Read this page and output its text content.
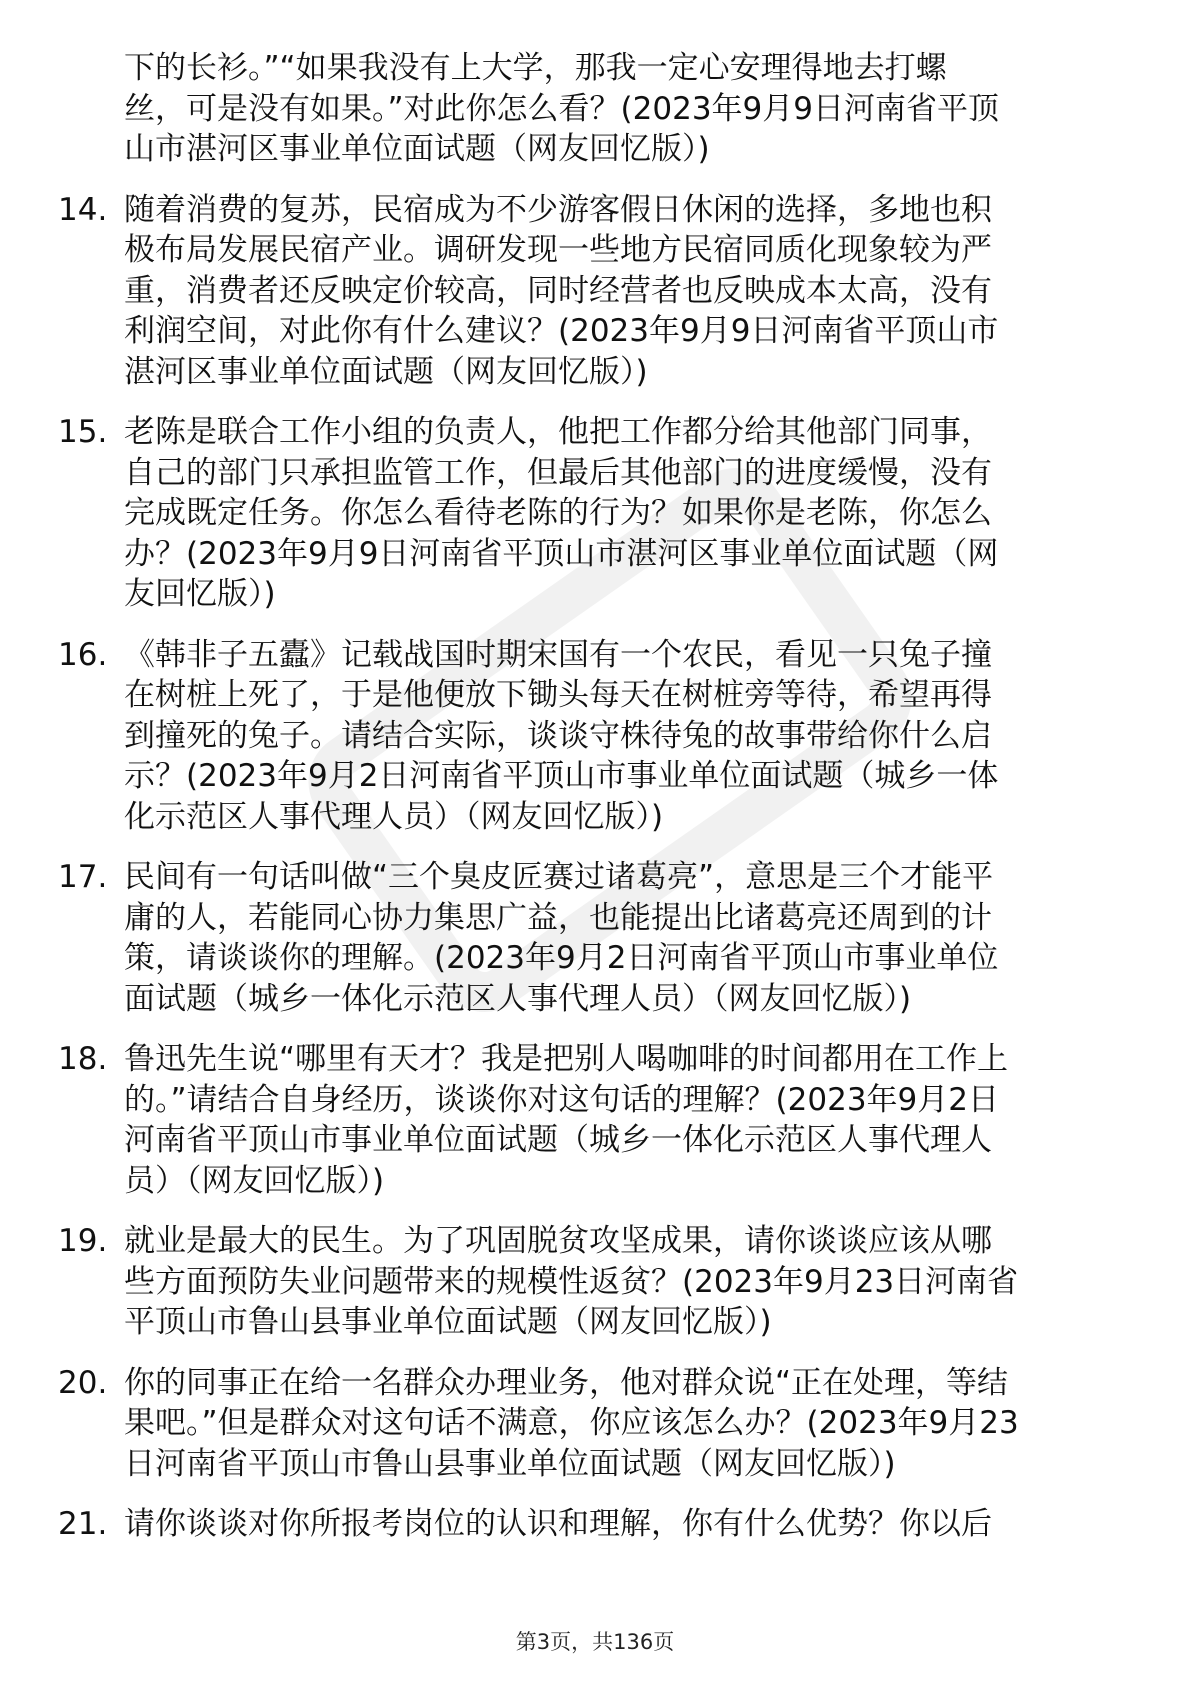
下的长衫。”“如果我没有上大学，那我一定心安理得地去打螺
丝，可是没有如果。”对此你怎么看？(2023年9月9日河南省平顶
山市湛河区事业单位面试题（网友回忆版）)
14. 随着消费的复苏，民宿成为不少游客假日休闲的选择，多地也积
极布局发展民宿产业。调研发现一些地方民宿同质化现象较为严
重，消费者还反映定价较高，同时经营者也反映成本太高，没有
利润空间，对此你有什么建议？(2023年9月9日河南省平顶山市
湛河区事业单位面试题（网友回忆版）)
15. 老陈是联合工作小组的负责人，他把工作都分给其他部门同事，
自己的部门只承担监管工作，但最后其他部门的进度缓慢，没有
完成既定任务。你怎么看待老陈的行为？如果你是老陈，你怎么
办？(2023年9月9日河南省平顶山市湛河区事业单位面试题（网
友回忆版）)
16. 《韩非子五蠹》记载战国时期宋国有一个农民，看见一只兔子撞
在树桩上死了，于是他便放下锄头每天在树桩旁等待，希望再得
到撞死的兔子。请结合实际，谈谈守株待兔的故事带给你什么启
示？(2023年9月2日河南省平顶山市事业单位面试题（城乡一体
化示范区人事代理人员）（网友回忆版）)
17. 民间有一句话叫做“三个臭皮匠赛过诸葛亮”，意思是三个才能平
庸的人，若能同心协力集思广益，也能提出比诸葛亮还周到的计
策，请谈谈你的理解。(2023年9月2日河南省平顶山市事业单位
面试题（城乡一体化示范区人事代理人员）（网友回忆版）)
18. 鲁迅先生说“哪里有天才？我是把别人喝咖啡的时间都用在工作上
的。”请结合自身经历，谈谈你对这句话的理解？(2023年9月2日
河南省平顶山市事业单位面试题（城乡一体化示范区人事代理人
员）（网友回忆版）)
19. 就业是最大的民生。为了巩固脱贫攻坚成果，请你谈谈应该从哪
些方面预防失业问题带来的规模性返贫？(2023年9月23日河南省
平顶山市鲁山县事业单位面试题（网友回忆版）)
20. 你的同事正在给一名群众办理业务，他对群众说“正在处理，等结
果吧。”但是群众对这句话不满意，你应该怎么办？(2023年9月23
日河南省平顶山市鲁山县事业单位面试题（网友回忆版）)
21. 请你谈谈对你所报考岗位的认识和理解，你有什么优势？你以后
第3页，共136页
